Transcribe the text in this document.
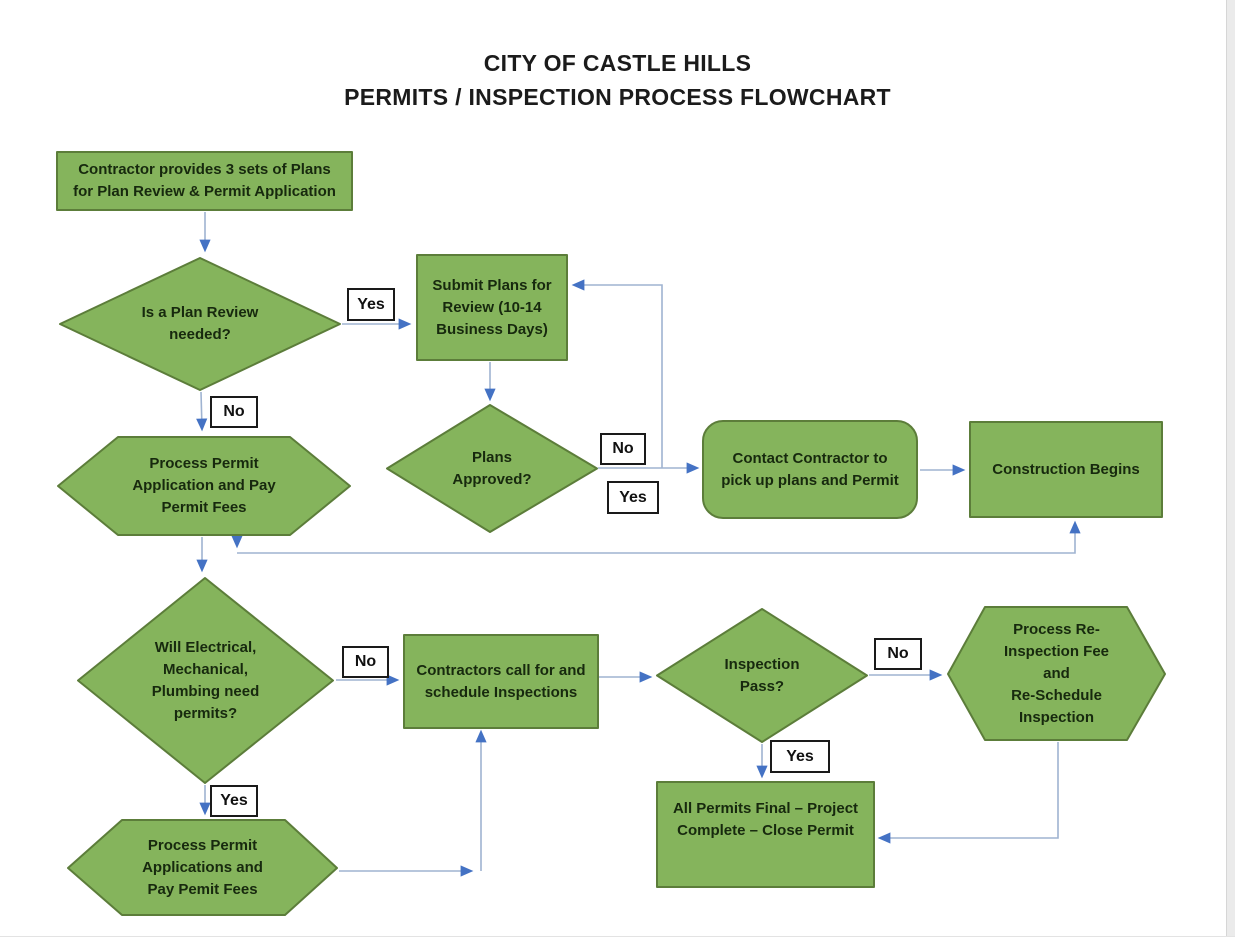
CITY OF CASTLE HILLS
PERMITS / INSPECTION PROCESS FLOWCHART
Contractor provides 3 sets of Plans
for Plan Review & Permit Application
Is a Plan Review
needed?
Submit Plans for
Review (10-14
Business Days)
Plans
Approved?
Process Permit
Application and Pay
Permit Fees
Contact Contractor to
pick up plans and Permit
Construction Begins
Will Electrical,
Mechanical,
Plumbing need
permits?
Contractors call for and
schedule Inspections
Inspection
Pass?
Process Re-
Inspection Fee
and
Re-Schedule
Inspection
All Permits Final – Project
Complete – Close Permit
Process Permit
Applications and
Pay Pemit Fees
Yes
No
No
Yes
No
Yes
No
Yes
